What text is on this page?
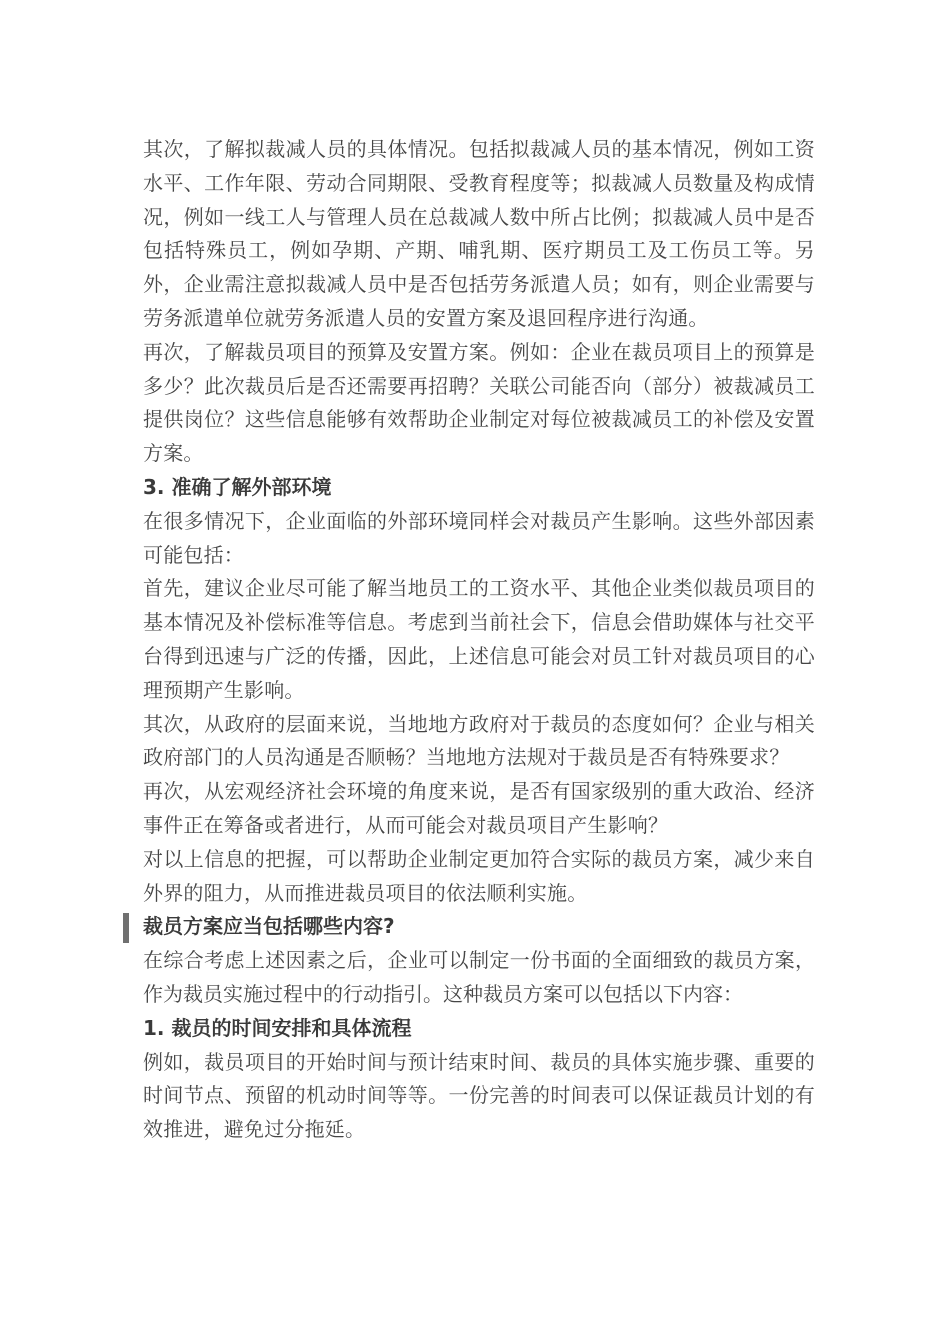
其次，了解拟裁减人员的具体情况。包括拟裁减人员的基本情况，例如工资水平、工作年限、劳动合同期限、受教育程度等；拟裁减人员数量及构成情况，例如一线工人与管理人员在总裁减人数中所占比例；拟裁减人员中是否包括特殊员工，例如孕期、产期、哺乳期、医疗期员工及工伤员工等。另外，企业需注意拟裁减人员中是否包括劳务派遣人员；如有，则企业需要与劳务派遣单位就劳务派遣人员的安置方案及退回程序进行沟通。

再次，了解裁员项目的预算及安置方案。例如：企业在裁员项目上的预算是多少？此次裁员后是否还需要再招聘？关联公司能否向（部分）被裁减员工提供岗位？这些信息能够有效帮助企业制定对每位被裁减员工的补偿及安置方案。

3. 准确了解外部环境

在很多情况下，企业面临的外部环境同样会对裁员产生影响。这些外部因素可能包括：

首先，建议企业尽可能了解当地员工的工资水平、其他企业类似裁员项目的基本情况及补偿标准等信息。考虑到当前社会下，信息会借助媒体与社交平台得到迅速与广泛的传播，因此，上述信息可能会对员工针对裁员项目的心理预期产生影响。

其次，从政府的层面来说，当地地方政府对于裁员的态度如何？企业与相关政府部门的人员沟通是否顺畅？当地地方法规对于裁员是否有特殊要求？

再次，从宏观经济社会环境的角度来说，是否有国家级别的重大政治、经济事件正在筹备或者进行，从而可能会对裁员项目产生影响？

对以上信息的把握，可以帮助企业制定更加符合实际的裁员方案，减少来自外界的阻力，从而推进裁员项目的依法顺利实施。

裁员方案应当包括哪些内容?

在综合考虑上述因素之后，企业可以制定一份书面的全面细致的裁员方案，作为裁员实施过程中的行动指引。这种裁员方案可以包括以下内容：

1. 裁员的时间安排和具体流程

例如，裁员项目的开始时间与预计结束时间、裁员的具体实施步骤、重要的时间节点、预留的机动时间等等。一份完善的时间表可以保证裁员计划的有效推进，避免过分拖延。
